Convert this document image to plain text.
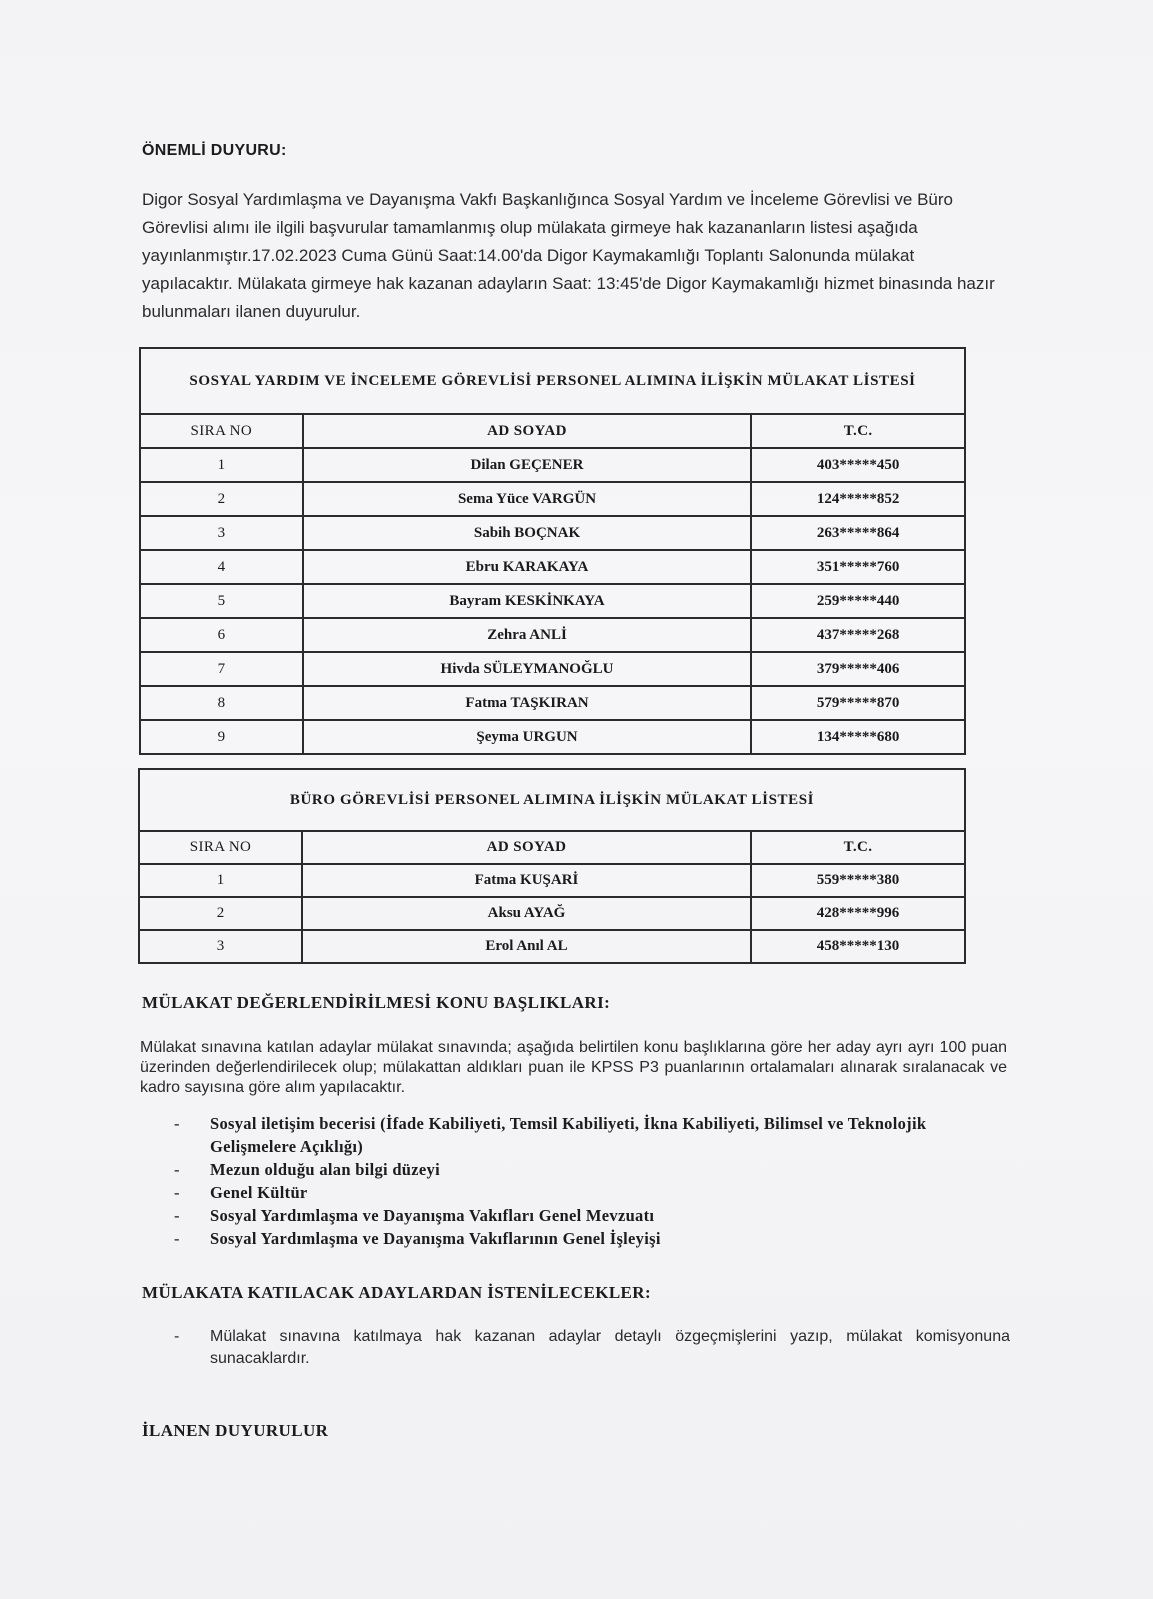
ÖNEMLİ DUYURU:
Digor Sosyal Yardımlaşma ve Dayanışma Vakfı Başkanlığınca Sosyal Yardım ve İnceleme Görevlisi ve Büro Görevlisi alımı ile ilgili başvurular tamamlanmış olup mülakata girmeye hak kazananların listesi aşağıda yayınlanmıştır.17.02.2023 Cuma Günü Saat:14.00'da Digor Kaymakamlığı Toplantı Salonunda mülakat yapılacaktır. Mülakata girmeye hak kazanan adayların Saat: 13:45'de Digor Kaymakamlığı hizmet binasında hazır bulunmaları ilanen duyurulur.
SOSYAL YARDIM VE İNCELEME GÖREVLİSİ PERSONEL ALIMINA İLİŞKİN MÜLAKAT LİSTESİ		
SIRA NO	AD SOYAD	T.C.
1	Dilan GEÇENER	403*****450
2	Sema Yüce VARGÜN	124*****852
3	Sabih BOÇNAK	263*****864
4	Ebru KARAKAYA	351*****760
5	Bayram KESKİNKAYA	259*****440
6	Zehra ANLİ	437*****268
7	Hivda SÜLEYMANOĞLU	379*****406
8	Fatma TAŞKIRAN	579*****870
9	Şeyma URGUN	134*****680
BÜRO GÖREVLİSİ PERSONEL ALIMINA İLİŞKİN MÜLAKAT LİSTESİ		
SIRA NO	AD SOYAD	T.C.
1	Fatma KUŞARİ	559*****380
2	Aksu AYAĞ	428*****996
3	Erol Anıl AL	458*****130
MÜLAKAT DEĞERLENDİRİLMESİ KONU BAŞLIKLARI:
Mülakat sınavına katılan adaylar mülakat sınavında; aşağıda belirtilen konu başlıklarına göre her aday ayrı ayrı 100 puan üzerinden değerlendirilecek olup; mülakattan aldıkları puan ile KPSS P3 puanlarının ortalamaları alınarak sıralanacak ve kadro sayısına göre alım yapılacaktır.
- Sosyal iletişim becerisi (İfade Kabiliyeti, Temsil Kabiliyeti, İkna Kabiliyeti, Bilimsel ve Teknolojik Gelişmelere Açıklığı)
- Mezun olduğu alan bilgi düzeyi
- Genel Kültür
- Sosyal Yardımlaşma ve Dayanışma Vakıfları Genel Mevzuatı
- Sosyal Yardımlaşma ve Dayanışma Vakıflarının Genel İşleyişi
MÜLAKATA KATILACAK ADAYLARDAN İSTENİLECEKLER:
- Mülakat sınavına katılmaya hak kazanan adaylar detaylı özgeçmişlerini yazıp, mülakat komisyonuna sunacaklardır.
İLANEN DUYURULUR
